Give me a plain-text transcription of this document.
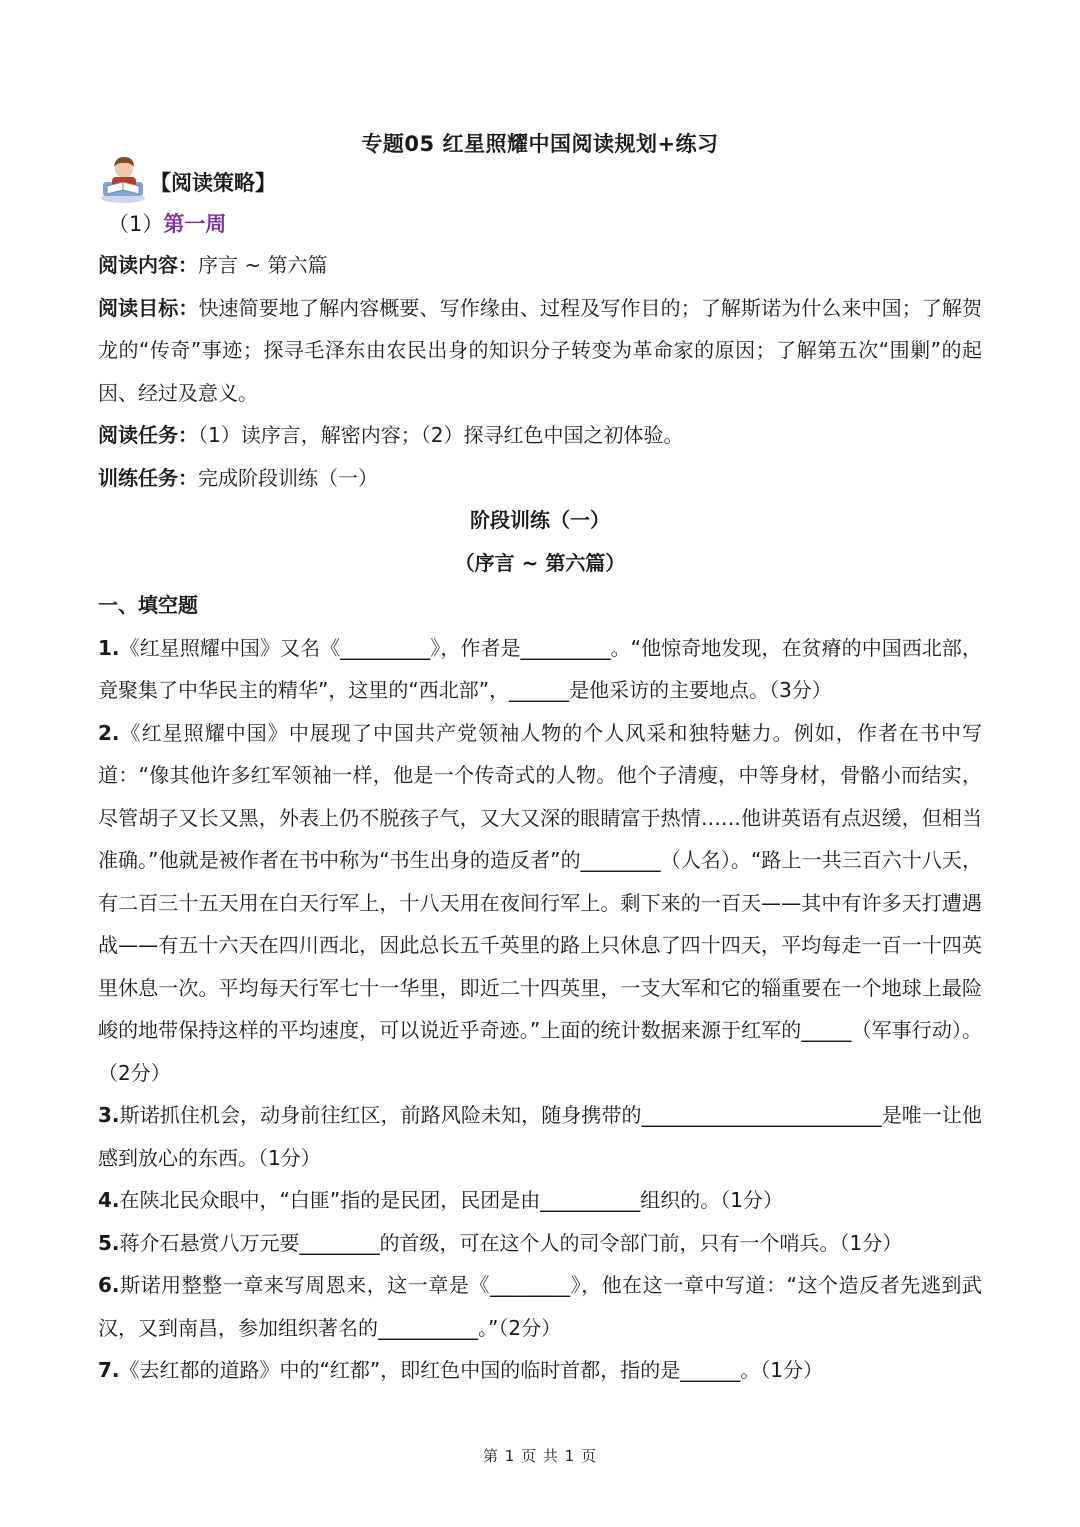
专题05 红星照耀中国阅读规划+练习
【阅读策略】
（1）第一周

阅读内容：序言 ~ 第六篇

阅读目标：快速简要地了解内容概要、写作缘由、过程及写作目的；了解斯诺为什么来中国；了解贺龙的“传奇”事迹；探寻毛泽东由农民出身的知识分子转变为革命家的原因；了解第五次“围剿”的起因、经过及意义。

阅读任务：（1）读序言，解密内容；（2）探寻红色中国之初体验。

训练任务：完成阶段训练（一）

阶段训练（一）

（序言 ~ 第六篇）

一、填空题

1.《红星照耀中国》又名《_________》，作者是_________。“他惊奇地发现，在贫瘠的中国西北部，竟聚集了中华民主的精华”，这里的“西北部”，______是他采访的主要地点。（3分）

2.《红星照耀中国》中展现了中国共产党领袖人物的个人风采和独特魅力。例如，作者在书中写道：“像其他许多红军领袖一样，他是一个传奇式的人物。他个子清瘦，中等身材，骨骼小而结实，尽管胡子又长又黑，外表上仍不脱孩子气，又大又深的眼睛富于热情……他讲英语有点迟缓，但相当准确。”他就是被作者在书中称为“书生出身的造反者”的________（人名）。“路上一共三百六十八天，有二百三十五天用在白天行军上，十八天用在夜间行军上。剩下来的一百天——其中有许多天打遭遇战——有五十六天在四川西北，因此总长五千英里的路上只休息了四十四天，平均每走一百一十四英里休息一次。平均每天行军七十一华里，即近二十四英里，一支大军和它的辎重要在一个地球上最险峻的地带保持这样的平均速度，可以说近乎奇迹。”上面的统计数据来源于红军的_____（军事行动）。（2分）

3.斯诺抓住机会，动身前往红区，前路风险未知，随身携带的________________________是唯一让他感到放心的东西。（1分）

4.在陕北民众眼中，“白匪”指的是民团，民团是由__________组织的。（1分）

5.蒋介石悬赏八万元要________的首级，可在这个人的司令部门前，只有一个哨兵。（1分）

6.斯诺用整整一章来写周恩来，这一章是《________》，他在这一章中写道：“这个造反者先逃到武汉，又到南昌，参加组织著名的__________。”（2分）

7.《去红都的道路》中的“红都”，即红色中国的临时首都，指的是______。（1分）

第 1 页 共 1 页
